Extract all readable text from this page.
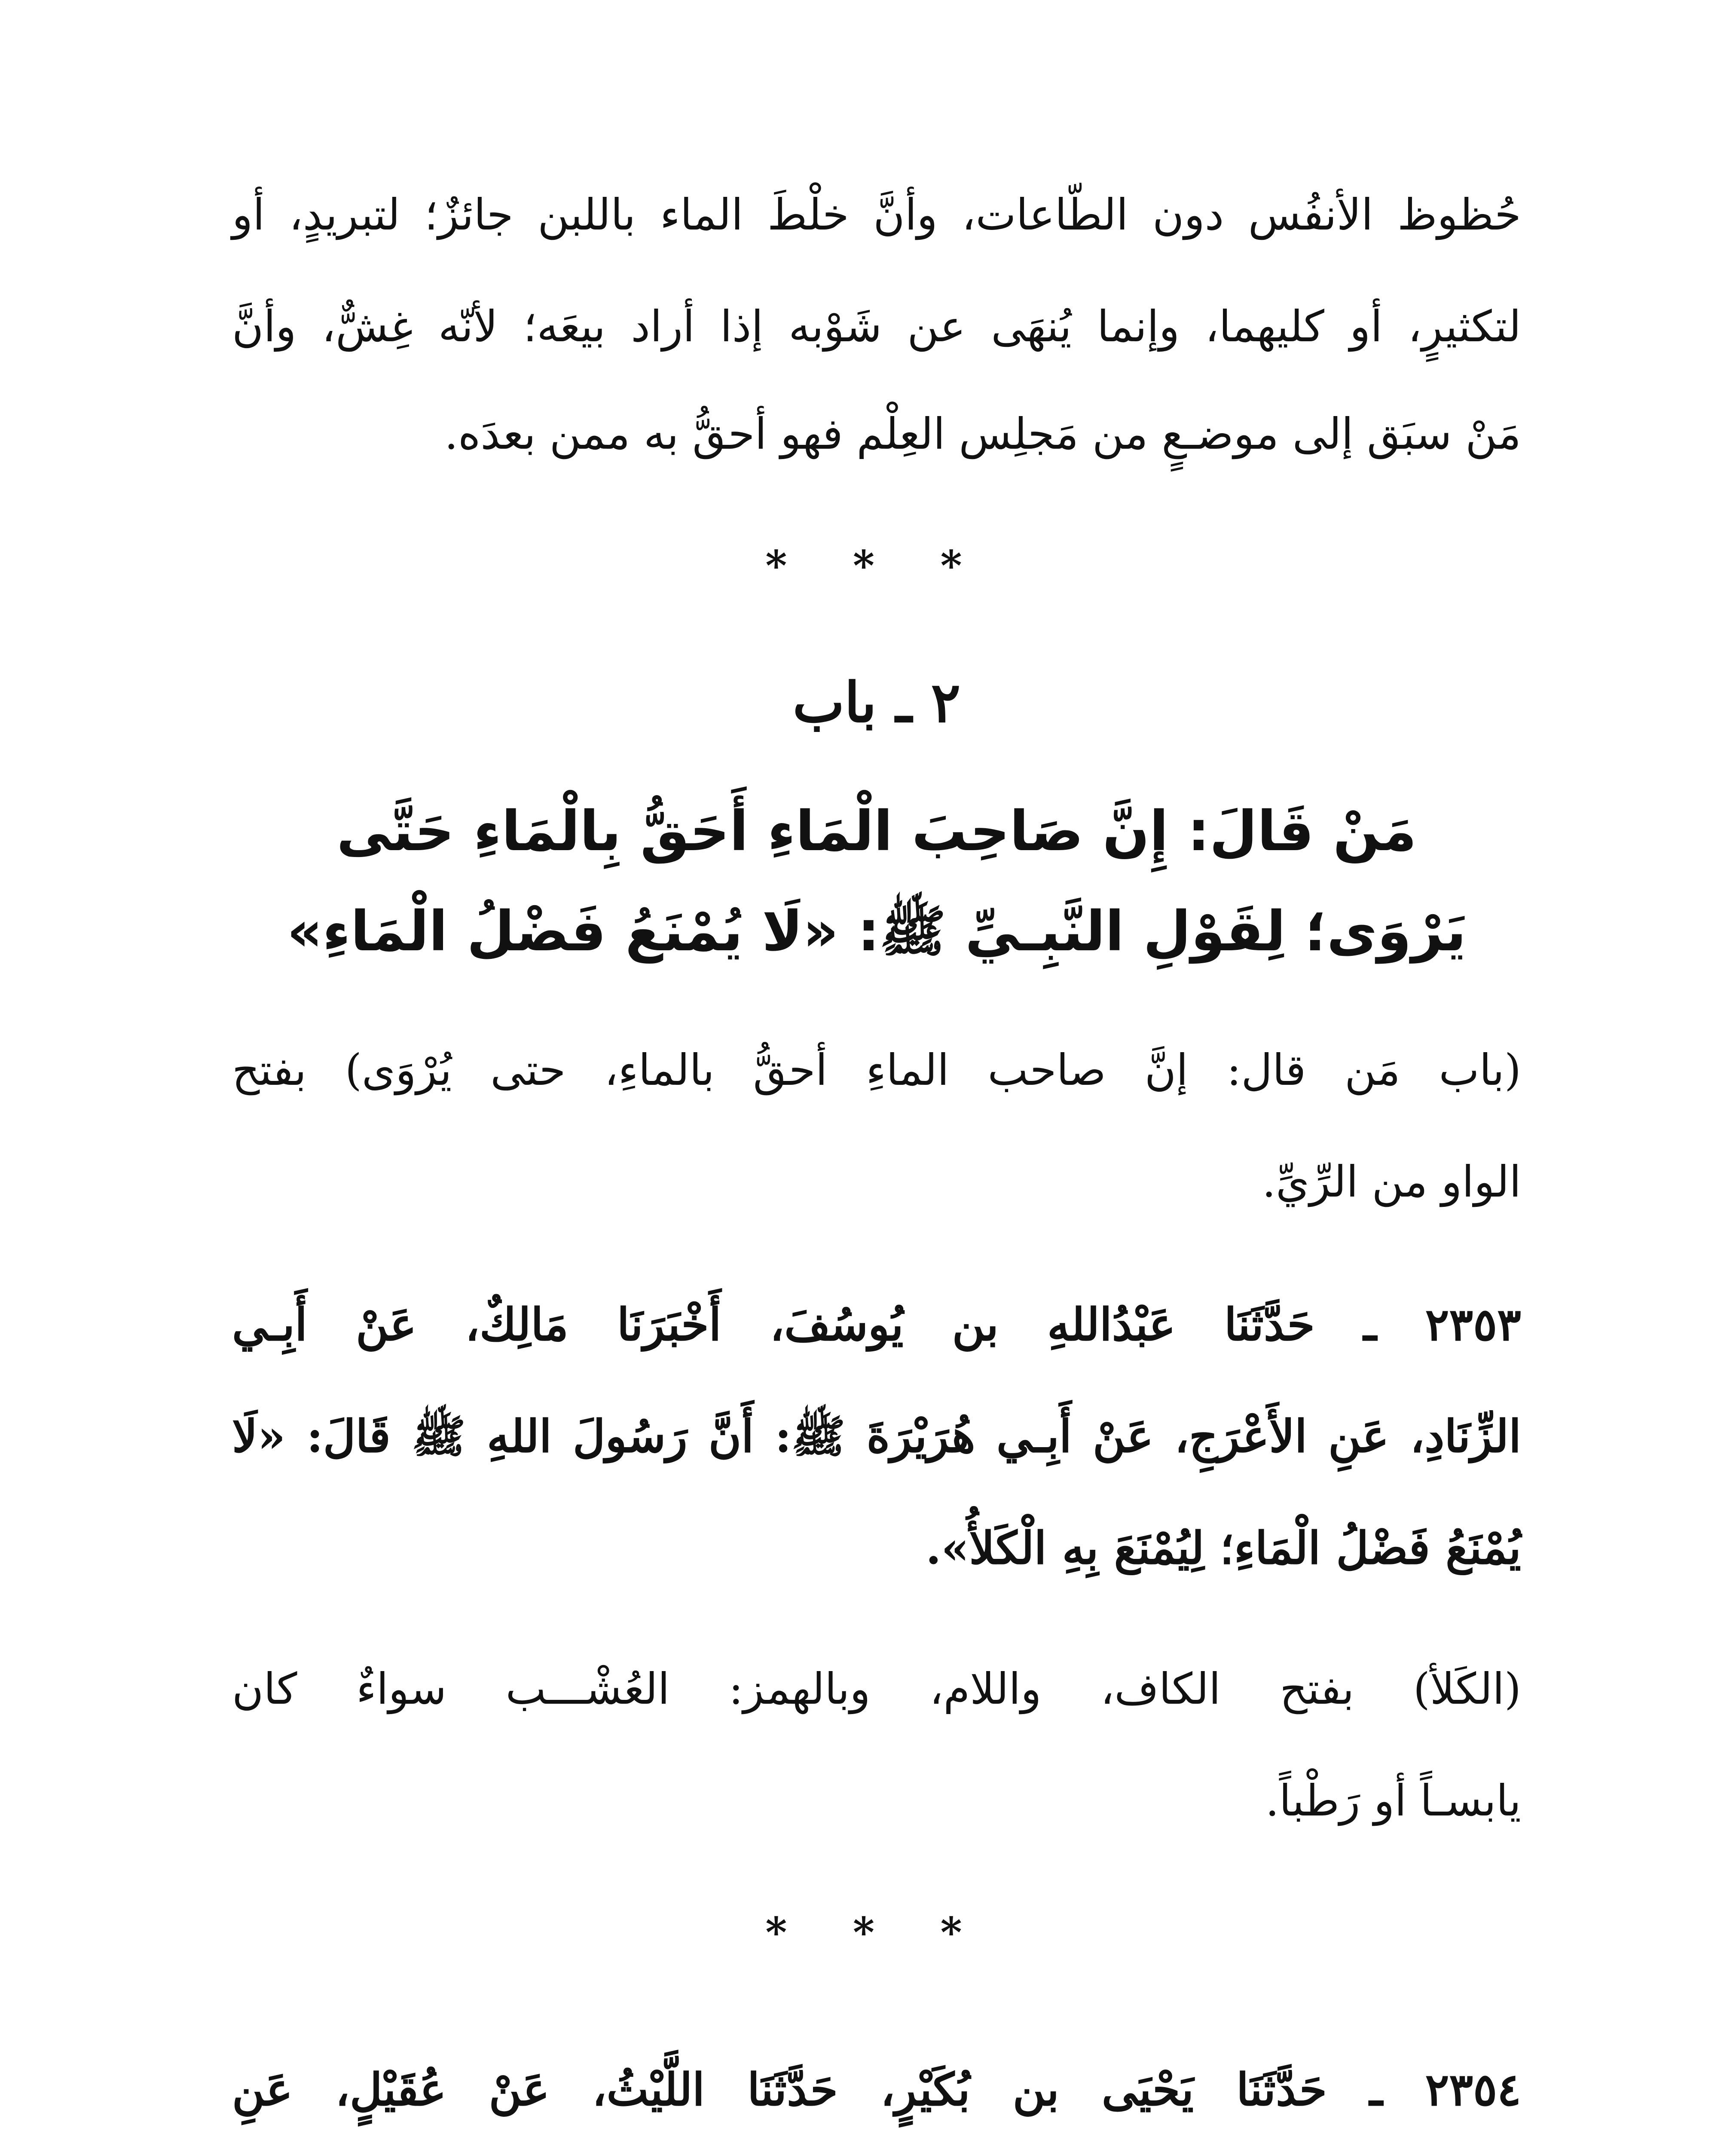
حُظوظ الأنفُس دون الطّاعات، وأنَّ خلْطَ الماء باللبن جائزٌ؛ لتبريدٍ، أو
لتكثيرٍ، أو كليهما، وإنما يُنهَى عن شَوْبه إذا أراد بيعَه؛ لأنّه غِشٌّ، وأنَّ
مَنْ سبَق إلى موضـعٍ من مَجلِس العِلْم فهو أحقُّ به ممن بعدَه.
* * *
٢ ـ باب
مَنْ قَالَ: إِنَّ صَاحِبَ الْمَاءِ أَحَقُّ بِالْمَاءِ حَتَّى
يَرْوَى؛ لِقَوْلِ النَّبِـيِّ ﷺ: «لَا يُمْنَعُ فَضْلُ الْمَاءِ»
(باب مَن قال: إنَّ صاحب الماءِ أحقُّ بالماءِ، حتى يُرْوَى) بفتح
الواو من الرِّيِّ.
٢٣٥٣ ـ حَدَّثَنَا عَبْدُاللهِ بن يُوسُفَ، أَخْبَرَنَا مَالِكٌ، عَنْ أَبِـي
الزِّنَادِ، عَنِ الأَعْرَجِ، عَنْ أَبِـي هُرَيْرَةَ ﷺ: أَنَّ رَسُولَ اللهِ ﷺ قَالَ: «لَا
يُمْنَعُ فَضْلُ الْمَاءِ؛ لِيُمْنَعَ بِهِ الْكَلأُ».
(الكَلأ) بفتح الكاف، واللام، وبالهمز: العُشْـــب سواءٌ كان
يابسـاً أو رَطْباً.
* * *
٢٣٥٤ ـ حَدَّثَنَا يَحْيَى بن بُكَيْرٍ، حَدَّثَنَا اللَّيْثُ، عَنْ عُقَيْلٍ، عَنِ
